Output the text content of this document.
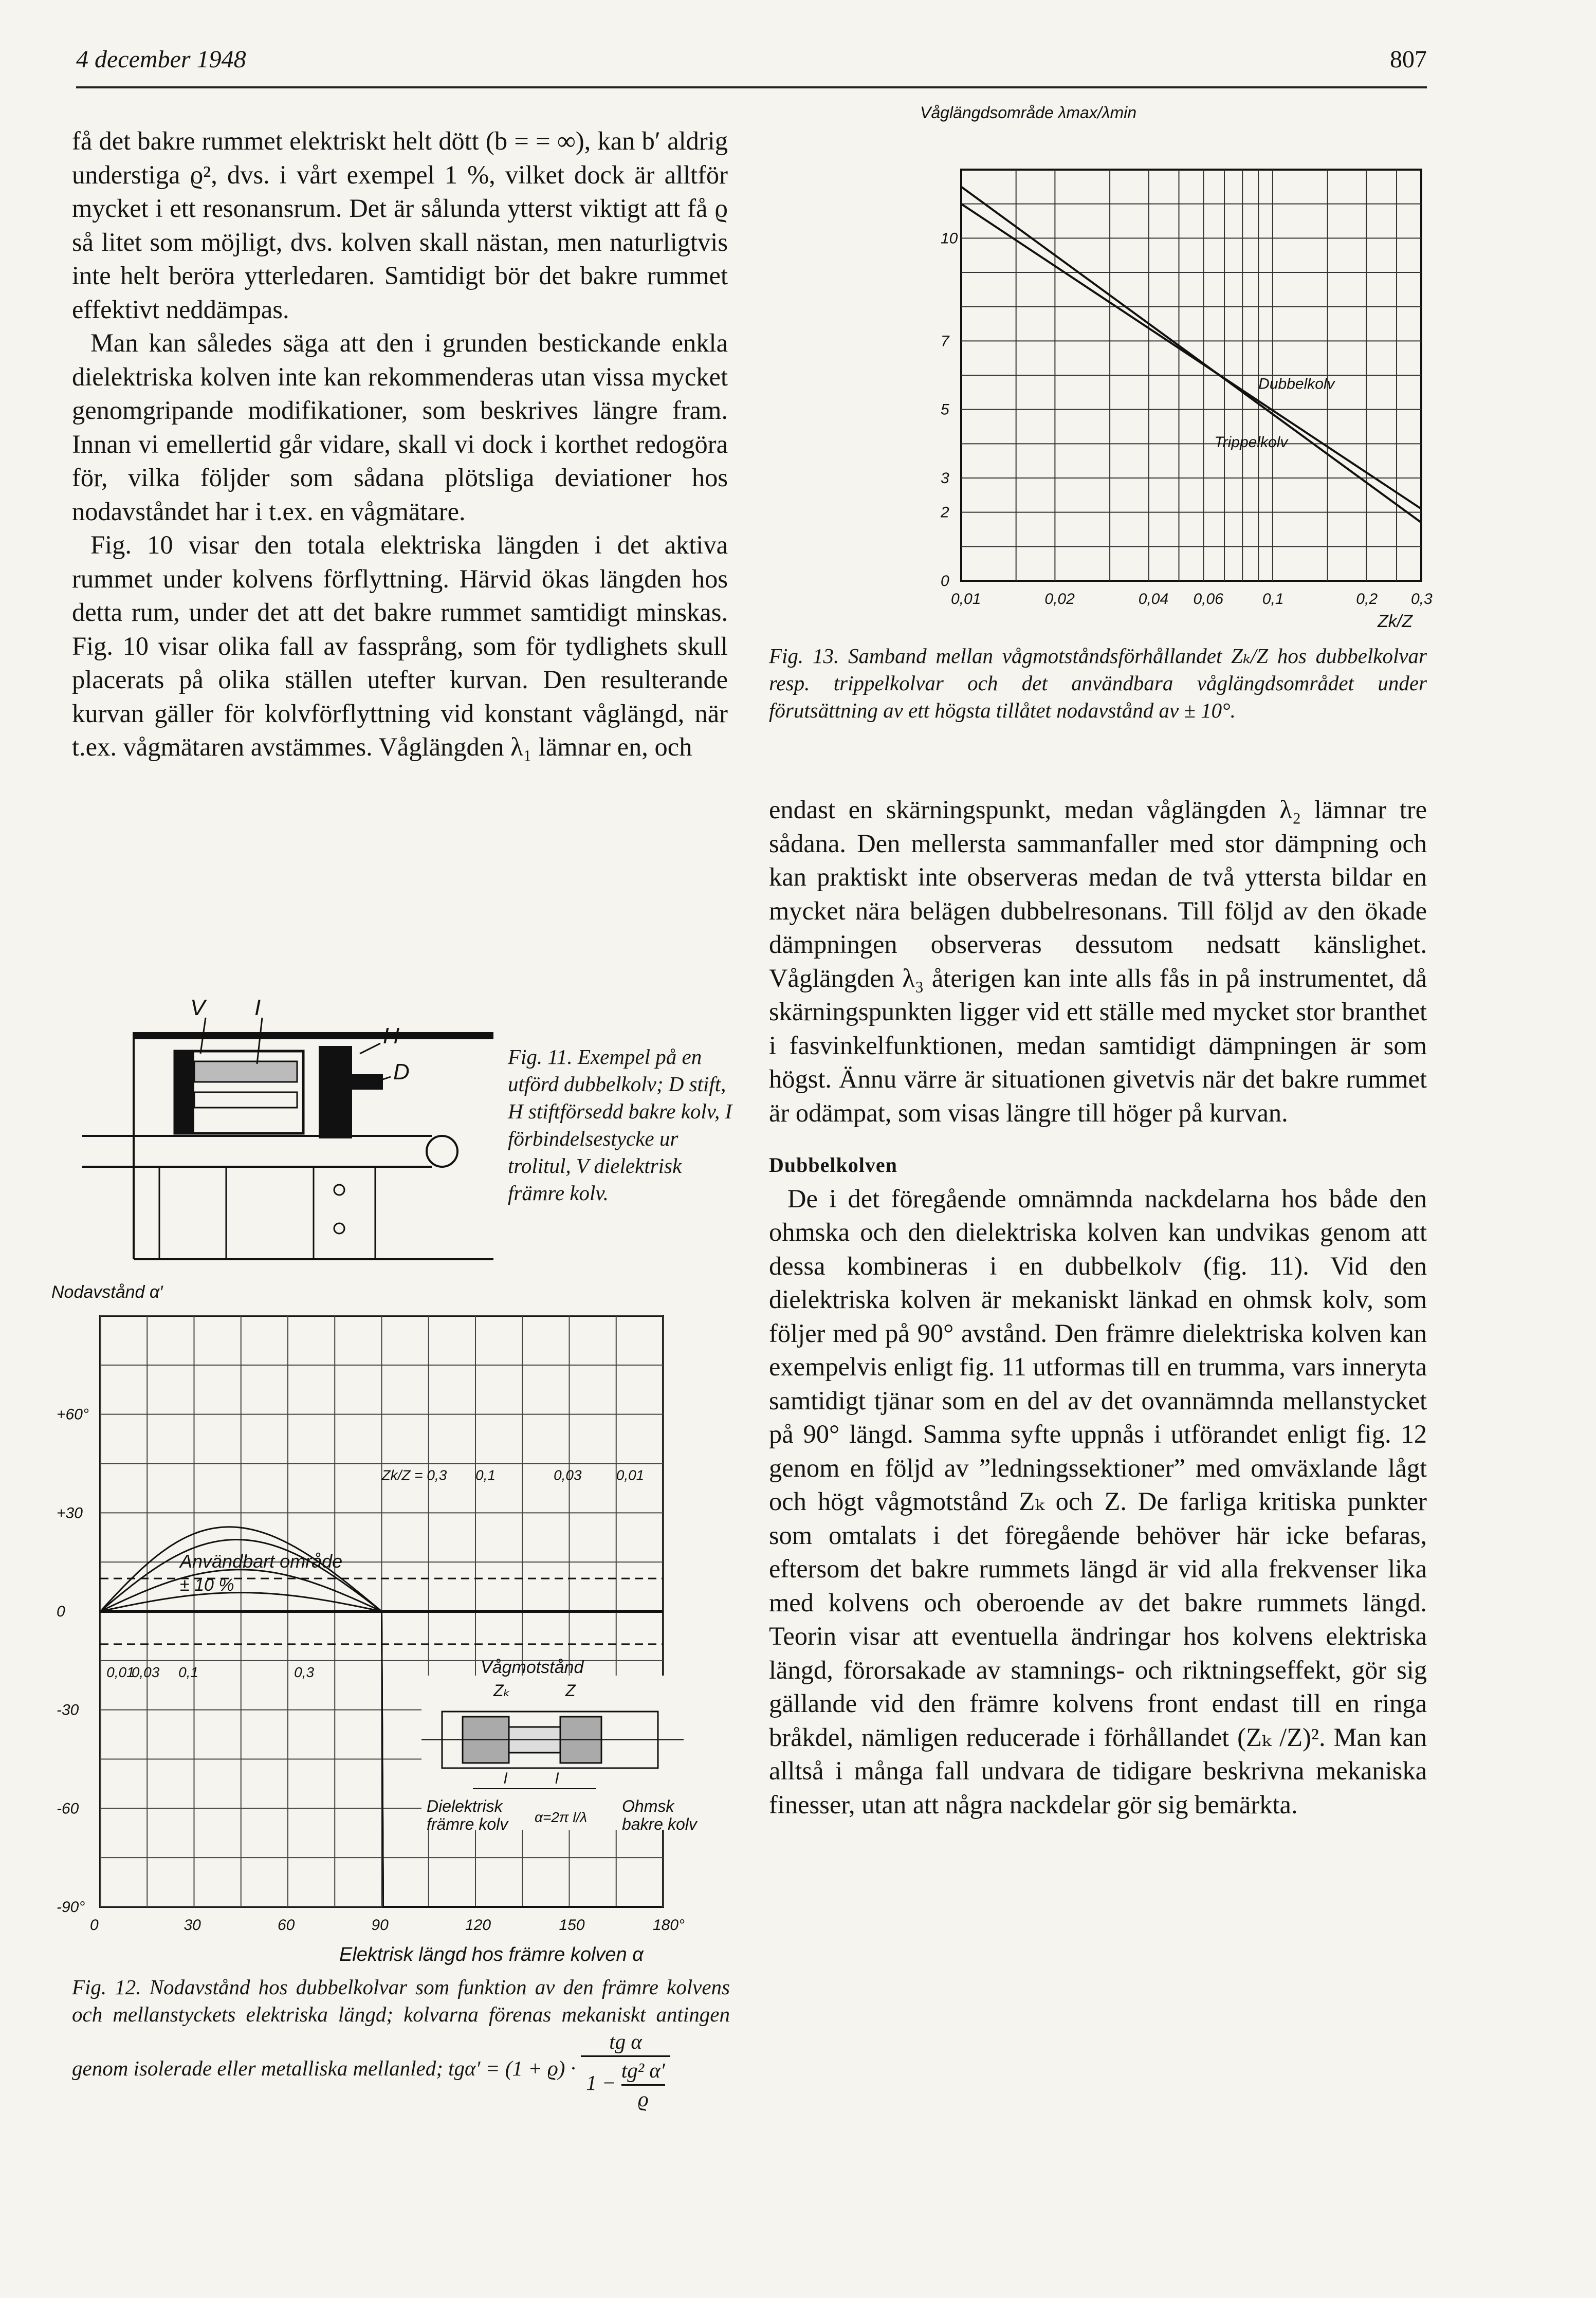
4 december 1948	807

få det bakre rummet elektriskt helt dött (b = = ∞), kan b′ aldrig understiga ϱ², dvs. i vårt exempel 1 %, vilket dock är alltför mycket i ett resonansrum. Det är sålunda ytterst viktigt att få ϱ så litet som möjligt, dvs. kolven skall nästan, men naturligtvis inte helt beröra ytterledaren. Samtidigt bör det bakre rummet effektivt neddämpas.

Man kan således säga att den i grunden bestickande enkla dielektriska kolven inte kan rekommenderas utan vissa mycket genomgripande modifikationer, som beskrives längre fram. Innan vi emellertid går vidare, skall vi dock i korthet redogöra för, vilka följder som sådana plötsliga deviationer hos nodavståndet har i t.ex. en vågmätare.

Fig. 10 visar den totala elektriska längden i det aktiva rummet under kolvens förflyttning. Härvid ökas längden hos detta rum, under det att det bakre rummet samtidigt minskas. Fig. 10 visar olika fall av fassprång, som för tydlighets skull placerats på olika ställen utefter kurvan. Den resulterande kurvan gäller för kolvförflyttning vid konstant våglängd, när t.ex. vågmätaren avstämmes. Våglängden λ₁ lämnar en, och

V I
H
D
Fig. 11. Exempel på en utförd dubbelkolv; D stift, H stiftförsedd bakre kolv, I förbindelsestycke ur trolitul, V dielektrisk främre kolv.
0	30	60	90	120	150	180°
+60°
+30
0
-30
-60
-90°
Zk/Z = 0,3 0,1	0,03 0,01
0,01
0,03 0,1	0,3
Nodavstånd α′
Elektrisk längd hos främre kolven α
Användbart område
± 10 %
Vågmotstånd
Zₖ	Z
l	l
Dielektrisk
främre kolv α=2π l/λ
Ohmsk
bakre kolv
Fig. 12. Nodavstånd hos dubbelkolvar som funktion av den främre kolvens och mellanstyckets elektriska längd; kolvarna förenas mekaniskt antingen genom isolerade eller metalliska mellanled; $tg\alpha' = (1 + ϱ) \cdot \frac{\text{tg α}}{1 - \frac{\text{tg² α′}}{ϱ}}$
0,01	0,02	0,04 0,06	0,1	0,2 0,3
0
2
3
5
7
10
Dubbelkolv
Trippelkolv
Våglängdsområde λmax/λmin
Zk/Z
Fig. 13. Samband mellan vågmotståndsförhållandet Zₖ/Z hos dubbelkolvar resp. trippelkolvar och det användbara våglängdsområdet under förutsättning av ett högsta tillåtet nodavstånd av ± 10°.

endast en skärningspunkt, medan våglängden λ₂ lämnar tre sådana. Den mellersta sammanfaller med stor dämpning och kan praktiskt inte observeras medan de två yttersta bildar en mycket nära belägen dubbelresonans. Till följd av den ökade dämpningen observeras dessutom nedsatt känslighet. Våglängden λ₃ återigen kan inte alls fås in på instrumentet, då skärningspunkten ligger vid ett ställe med mycket stor branthet i fasvinkelfunktionen, medan samtidigt dämpningen är som högst. Ännu värre är situationen givetvis när det bakre rummet är odämpat, som visas längre till höger på kurvan.

Dubbelkolven

De i det föregående omnämnda nackdelarna hos både den ohmska och den dielektriska kolven kan undvikas genom att dessa kombineras i en dubbelkolv (fig. 11). Vid den dielektriska kolven är mekaniskt länkad en ohmsk kolv, som följer med på 90° avstånd. Den främre dielektriska kolven kan exempelvis enligt fig. 11 utformas till en trumma, vars inneryta samtidigt tjänar som en del av det ovannämnda mellanstycket på 90° längd. Samma syfte uppnås i utförandet enligt fig. 12 genom en följd av ”ledningssektioner” med omväxlande lågt och högt vågmotstånd Zₖ och Z. De farliga kritiska punkter som omtalats i det föregående behöver här icke befaras, eftersom det bakre rummets längd är vid alla frekvenser lika med kolvens och oberoende av det bakre rummets längd. Teorin visar att eventuella ändringar hos kolvens elektriska längd, förorsakade av stamnings- och riktningseffekt, gör sig gällande vid den främre kolvens front endast till en ringa bråkdel, nämligen reducerade i förhållandet (Zₖ /Z)². Man kan alltså i många fall undvara de tidigare beskrivna mekaniska finesser, utan att några nackdelar gör sig bemärkta.
